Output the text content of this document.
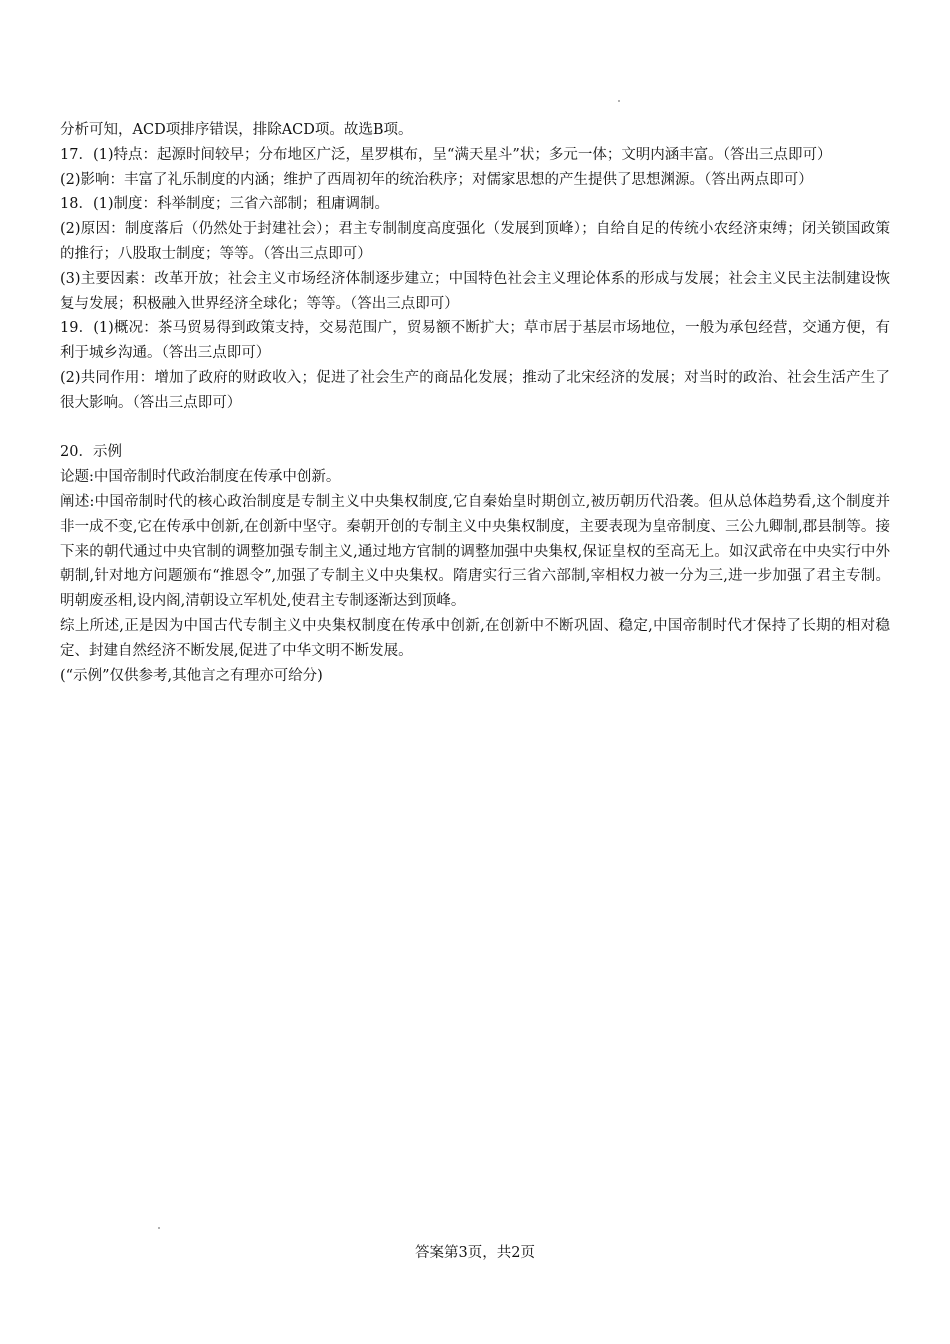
分析可知，ACD项排序错误，排除ACD项。故选B项。

17．(1)特点：起源时间较早；分布地区广泛，星罗棋布，呈“满天星斗”状；多元一体；文明内涵丰富。（答出三点即可）

(2)影响：丰富了礼乐制度的内涵；维护了西周初年的统治秩序；对儒家思想的产生提供了思想渊源。（答出两点即可）

18．(1)制度：科举制度；三省六部制；租庸调制。

(2)原因：制度落后（仍然处于封建社会）；君主专制制度高度强化（发展到顶峰）；自给自足的传统小农经济束缚；闭关锁国政策的推行；八股取士制度；等等。（答出三点即可）

(3)主要因素：改革开放；社会主义市场经济体制逐步建立；中国特色社会主义理论体系的形成与发展；社会主义民主法制建设恢复与发展；积极融入世界经济全球化；等等。（答出三点即可）

19．(1)概况：茶马贸易得到政策支持，交易范围广，贸易额不断扩大；草市居于基层市场地位，一般为承包经营，交通方便，有利于城乡沟通。（答出三点即可）

(2)共同作用：增加了政府的财政收入；促进了社会生产的商品化发展；推动了北宋经济的发展；对当时的政治、社会生活产生了很大影响。（答出三点即可）

20．示例

论题:中国帝制时代政治制度在传承中创新。

阐述:中国帝制时代的核心政治制度是专制主义中央集权制度,它自秦始皇时期创立,被历朝历代沿袭。但从总体趋势看,这个制度并非一成不变,它在传承中创新,在创新中坚守。秦朝开创的专制主义中央集权制度，主要表现为皇帝制度、三公九卿制,郡县制等。接下来的朝代通过中央官制的调整加强专制主义,通过地方官制的调整加强中央集权,保证皇权的至高无上。如汉武帝在中央实行中外朝制,针对地方问题颁布“推恩令”,加强了专制主义中央集权。隋唐实行三省六部制,宰相权力被一分为三,进一步加强了君主专制。明朝废丞相,设内阁,清朝设立军机处,使君主专制逐渐达到顶峰。

综上所述,正是因为中国古代专制主义中央集权制度在传承中创新,在创新中不断巩固、稳定,中国帝制时代才保持了长期的相对稳定、封建自然经济不断发展,促进了中华文明不断发展。

(“示例”仅供参考,其他言之有理亦可给分)

答案第3页，共2页
